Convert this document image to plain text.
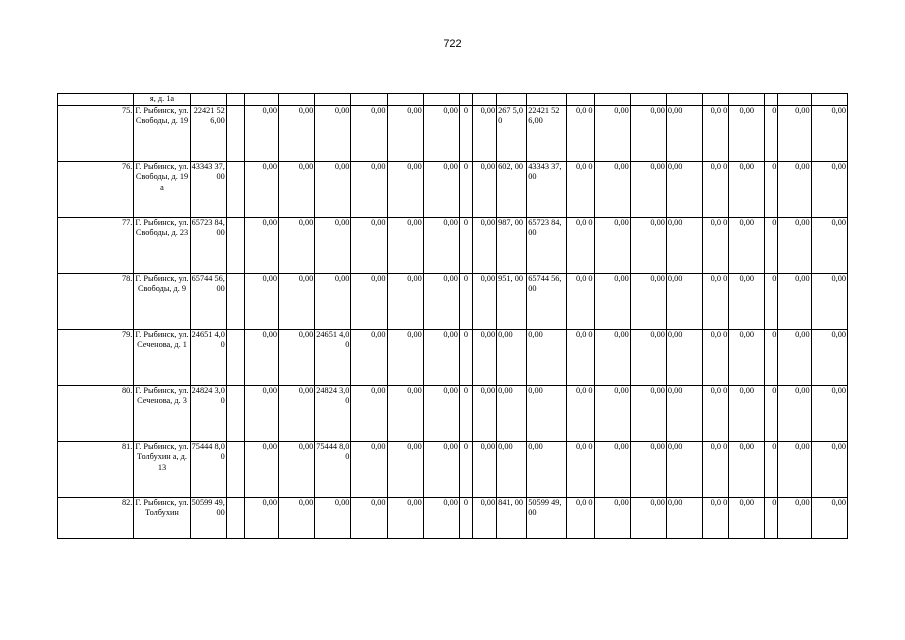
722
	я, д. 1а																					
75.	Г. Рыбинск, ул. Свободы, д. 19	22421 526,00		0,00	0,00	0,00	0,00	0,00	0,00	0	0,00	267 5,00	22421 526,00	0,0 0	0,00	0,00	0,00	0,0 0	0,00	0	0,00	0,00
76.	Г. Рыбинск, ул. Свободы, д. 19а	43343 37,00		0,00	0,00	0,00	0,00	0,00	0,00	0	0,00	602, 00	43343 37,00	0,0 0	0,00	0,00	0,00	0,0 0	0,00	0	0,00	0,00
77.	Г. Рыбинск, ул. Свободы, д. 23	65723 84,00		0,00	0,00	0,00	0,00	0,00	0,00	0	0,00	987, 00	65723 84,00	0,0 0	0,00	0,00	0,00	0,0 0	0,00	0	0,00	0,00
78.	Г. Рыбинск, ул. Свободы, д. 9	65744 56,00		0,00	0,00	0,00	0,00	0,00	0,00	0	0,00	951, 00	65744 56,00	0,0 0	0,00	0,00	0,00	0,0 0	0,00	0	0,00	0,00
79.	Г. Рыбинск, ул. Сеченова, д. 1	24651 4,00		0,00	0,00	24651 4,00	0,00	0,00	0,00	0	0,00	0,00	0,00	0,0 0	0,00	0,00	0,00	0,0 0	0,00	0	0,00	0,00
80.	Г. Рыбинск, ул. Сеченова, д. 3	24824 3,00		0,00	0,00	24824 3,00	0,00	0,00	0,00	0	0,00	0,00	0,00	0,0 0	0,00	0,00	0,00	0,0 0	0,00	0	0,00	0,00
81.	Г. Рыбинск, ул. Толбухин а, д. 13	75444 8,00		0,00	0,00	75444 8,00	0,00	0,00	0,00	0	0,00	0,00	0,00	0,0 0	0,00	0,00	0,00	0,0 0	0,00	0	0,00	0,00
82.	Г. Рыбинск, ул. Толбухин	50599 49,00		0,00	0,00	0,00	0,00	0,00	0,00	0	0,00	841, 00	50599 49,00	0,0 0	0,00	0,00	0,00	0,0 0	0,00	0	0,00	0,00
